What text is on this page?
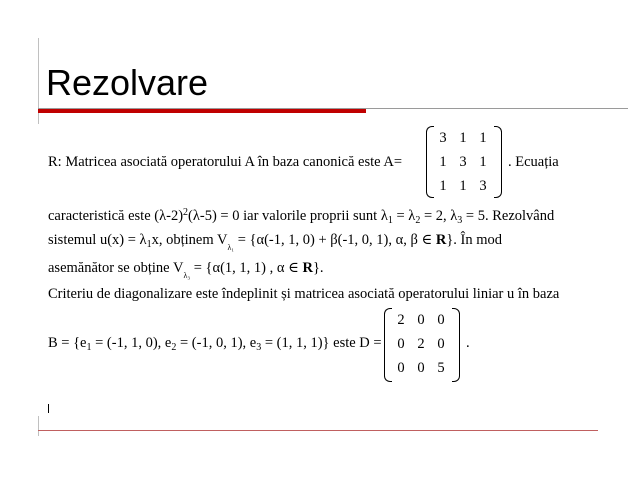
Rezolvare
R: Matricea asociată operatorului A în baza canonică este A=
3	1	1
1	3	1
1	1	3
. Ecuația
caracteristică este $(\lambda-2)^2(\lambda-5) = 0$ iar valorile proprii sunt $\lambda_1 = \lambda_2 = 2$, $\lambda_3 = 5$. Rezolvând
sistemul $u(x) = \lambda_1x$, obținem $V_{\lambda_1} = \{\alpha(-1$, 1, 0) + β(-1, 0, 1), α, β ∈ R}. În mod
asemănător se obține $V_{\lambda_3} = \{\alpha(1$, 1, 1) , α ∈ R}.
Criteriu de diagonalizare este îndeplinit și matricea asociată operatorului liniar u în baza
$B = \{e_1 = (-1$, 1, 0), $e_2 = (-1$, 0, 1), $e_3 = (1$, 1, 1)} este D =
2	0	0
0	2	0
0	0	5
.
